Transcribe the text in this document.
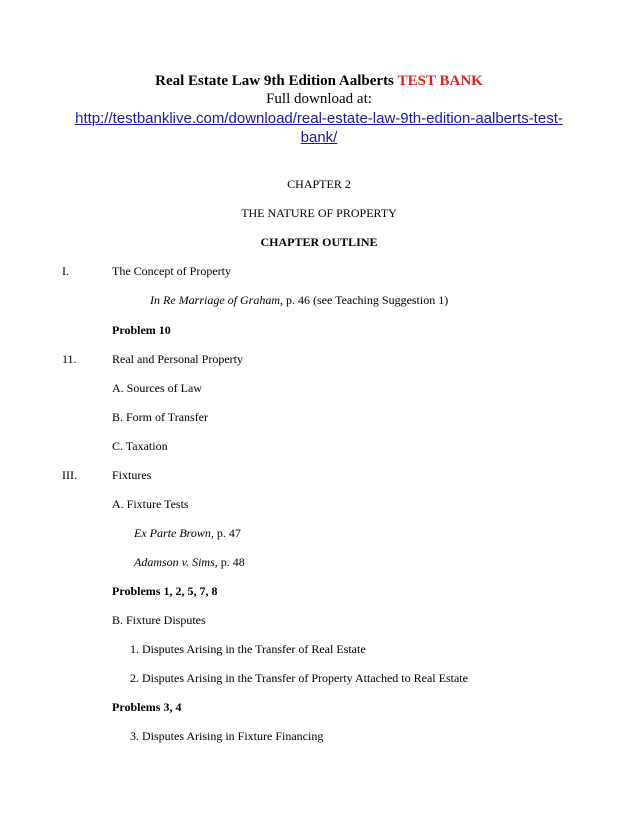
Real Estate Law 9th Edition Aalberts TEST BANK
Full download at:
http://testbanklive.com/download/real-estate-law-9th-edition-aalberts-test-
bank/
CHAPTER 2
THE NATURE OF PROPERTY
CHAPTER OUTLINE
I.	The Concept of Property
In Re Marriage of Graham, p. 46 (see Teaching Suggestion 1)
Problem 10
11.	Real and Personal Property
A. Sources of Law
B. Form of Transfer
C. Taxation
III.	Fixtures
A. Fixture Tests
Ex Parte Brown, p. 47
Adamson v. Sims, p. 48
Problems 1, 2, 5, 7, 8
B. Fixture Disputes
1. Disputes Arising in the Transfer of Real Estate
2. Disputes Arising in the Transfer of Property Attached to Real Estate
Problems 3, 4
3. Disputes Arising in Fixture Financing
